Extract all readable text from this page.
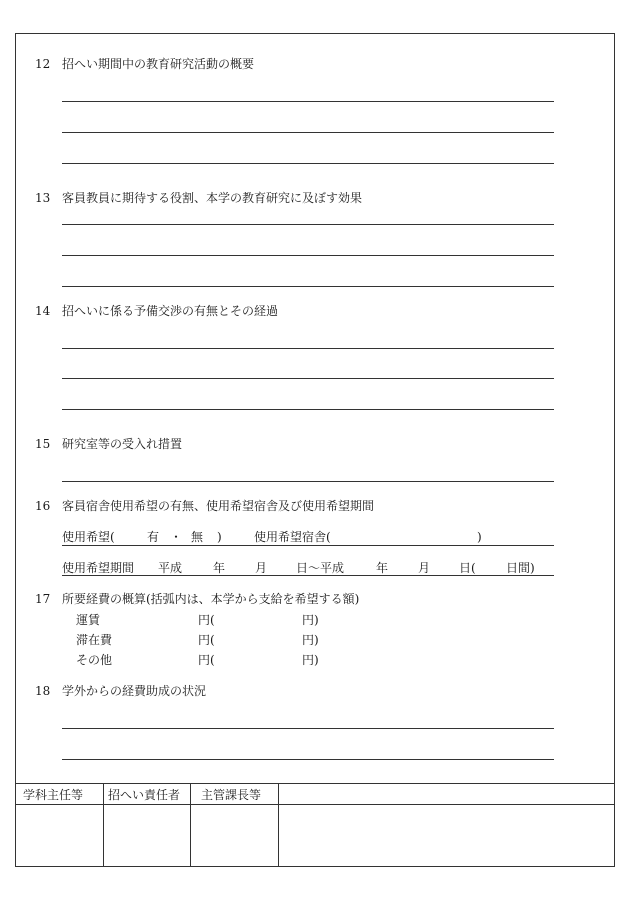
12 招へい期間中の教育研究活動の概要
13 客員教員に期待する役割、本学の教育研究に及ぼす効果
14 招へいに係る予備交渉の有無とその経過
15 研究室等の受入れ措置
16 客員宿舎使用希望の有無、使用希望宿舎及び使用希望期間
使用希望(	有 ・ 無 )	使用希望宿舎(	)
使用希望期間 平成	年 月 日～平成	年 月 日(	日間)
17 所要経費の概算(括弧内は、本学から支給を希望する額)
運賃	円(	円)
滞在費	円(	円)
その他	円(	円)
18 学外からの経費助成の状況
学科主任等 招へい責任者 主管課長等
